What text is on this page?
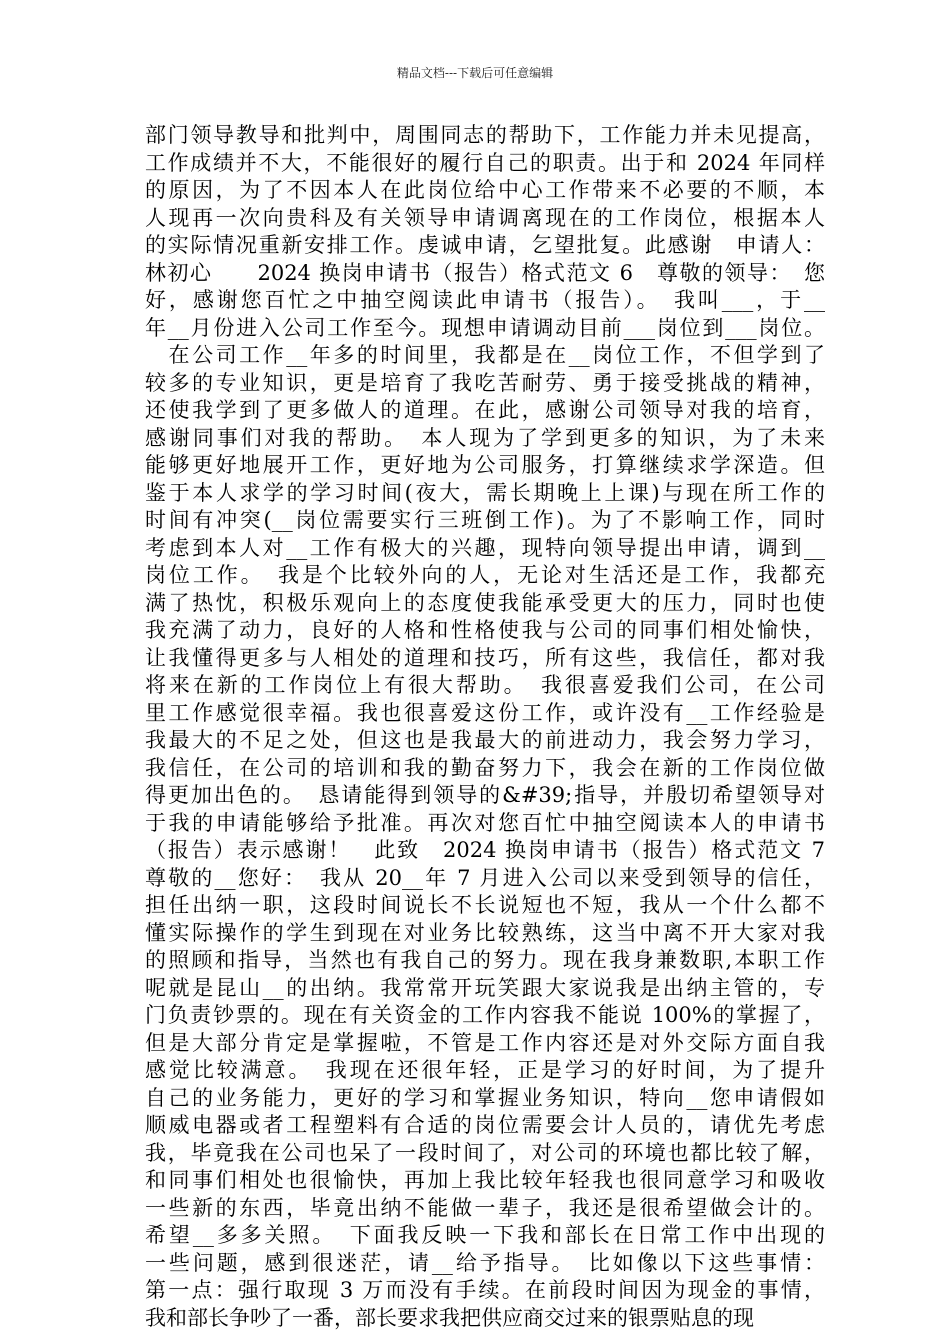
精品文档---下载后可任意编辑
部门领导教导和批判中，周围同志的帮助下，工作能力并未见提高，
工作成绩并不大，不能很好的履行自己的职责。出于和 2024 年同样
的原因，为了不因本人在此岗位给中心工作带来不必要的不顺，本
人现再一次向贵科及有关领导申请调离现在的工作岗位，根据本人
的实际情况重新安排工作。虔诚申请，乞望批复。此感谢　申请人：
林初心　　2024 换岗申请书（报告）格式范文 6　尊敬的领导：　您
好，感谢您百忙之中抽空阅读此申请书（报告）。　我叫___，于__
年__月份进入公司工作至今。现想申请调动目前___岗位到___岗位。
　在公司工作__年多的时间里，我都是在__岗位工作，不但学到了
较多的专业知识，更是培育了我吃苦耐劳、勇于接受挑战的精神，
还使我学到了更多做人的道理。在此，感谢公司领导对我的培育，
感谢同事们对我的帮助。　本人现为了学到更多的知识，为了未来
能够更好地展开工作，更好地为公司服务，打算继续求学深造。但
鉴于本人求学的学习时间(夜大，需长期晚上上课)与现在所工作的
时间有冲突(__岗位需要实行三班倒工作)。为了不影响工作，同时
考虑到本人对__工作有极大的兴趣，现特向领导提出申请，调到__
岗位工作。　我是个比较外向的人，无论对生活还是工作，我都充
满了热忱，积极乐观向上的态度使我能承受更大的压力，同时也使
我充满了动力，良好的人格和性格使我与公司的同事们相处愉快，
让我懂得更多与人相处的道理和技巧，所有这些，我信任，都对我
将来在新的工作岗位上有很大帮助。　我很喜爱我们公司，在公司
里工作感觉很幸福。我也很喜爱这份工作，或许没有__工作经验是
我最大的不足之处，但这也是我最大的前进动力，我会努力学习，
我信任，在公司的培训和我的勤奋努力下，我会在新的工作岗位做
得更加出色的。　恳请能得到领导的&#39;指导，并殷切希望领导对
于我的申请能够给予批准。再次对您百忙中抽空阅读本人的申请书
（报告）表示感谢！　此致　2024 换岗申请书（报告）格式范文 7
尊敬的__您好：　我从 20__年 7 月进入公司以来受到领导的信任，
担任出纳一职，这段时间说长不长说短也不短，我从一个什么都不
懂实际操作的学生到现在对业务比较熟练，这当中离不开大家对我
的照顾和指导，当然也有我自己的努力。现在我身兼数职,本职工作
呢就是昆山__的出纳。我常常开玩笑跟大家说我是出纳主管的，专
门负责钞票的。现在有关资金的工作内容我不能说 100%的掌握了，
但是大部分肯定是掌握啦，不管是工作内容还是对外交际方面自我
感觉比较满意。　我现在还很年轻，正是学习的好时间，为了提升
自己的业务能力，更好的学习和掌握业务知识，特向__您申请假如
顺威电器或者工程塑料有合适的岗位需要会计人员的，请优先考虑
我，毕竟我在公司也呆了一段时间了，对公司的环境也都比较了解，
和同事们相处也很愉快，再加上我比较年轻我也很同意学习和吸收
一些新的东西，毕竟出纳不能做一辈子，我还是很希望做会计的。
希望__多多关照。　下面我反映一下我和部长在日常工作中出现的
一些问题，感到很迷茫，请__给予指导。　比如像以下这些事情：
第一点：强行取现 3 万而没有手续。在前段时间因为现金的事情，
我和部长争吵了一番，部长要求我把供应商交过来的银票贴息的现
